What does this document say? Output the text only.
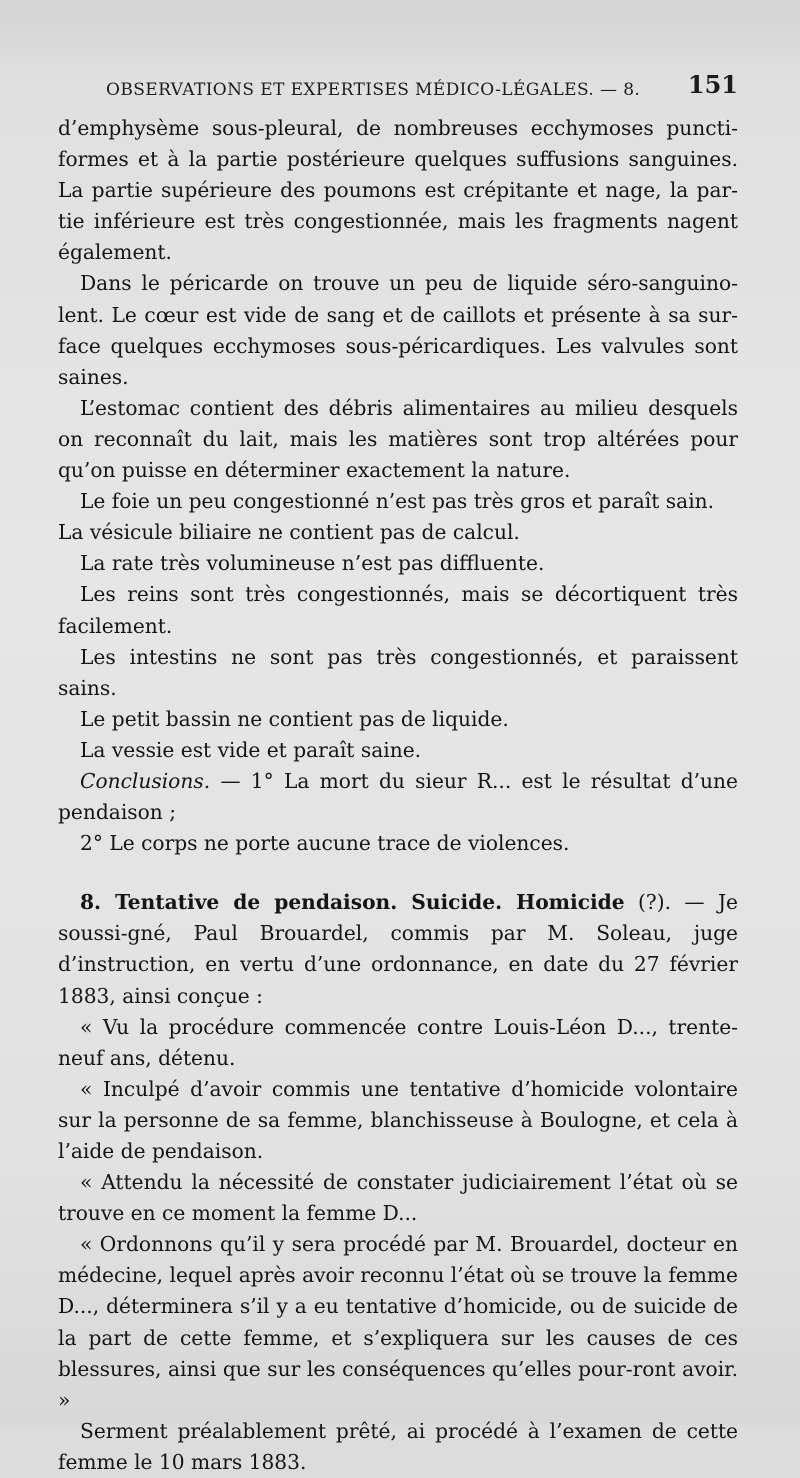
OBSERVATIONS ET EXPERTISES MÉDICO-LÉGALES. — 8. 151

d’emphysème sous-pleural, de nombreuses ecchymoses puncti-formes et à la partie postérieure quelques suffusions sanguines. La partie supérieure des poumons est crépitante et nage, la par-tie inférieure est très congestionnée, mais les fragments nagent également.

Dans le péricarde on trouve un peu de liquide séro-sanguino-lent. Le cœur est vide de sang et de caillots et présente à sa sur-face quelques ecchymoses sous-péricardiques. Les valvules sont saines.

L’estomac contient des débris alimentaires au milieu desquels on reconnaît du lait, mais les matières sont trop altérées pour qu’on puisse en déterminer exactement la nature.

Le foie un peu congestionné n’est pas très gros et paraît sain.

La vésicule biliaire ne contient pas de calcul.

La rate très volumineuse n’est pas diffluente.

Les reins sont très congestionnés, mais se décortiquent très facilement.

Les intestins ne sont pas très congestionnés, et paraissent sains.

Le petit bassin ne contient pas de liquide.

La vessie est vide et paraît saine.

Conclusions. — 1° La mort du sieur R... est le résultat d’une pendaison ;

2° Le corps ne porte aucune trace de violences.

8. Tentative de pendaison. Suicide. Homicide (?). — Je soussi-gné, Paul Brouardel, commis par M. Soleau, juge d’instruction, en vertu d’une ordonnance, en date du 27 février 1883, ainsi conçue :

« Vu la procédure commencée contre Louis-Léon D..., trente-neuf ans, détenu.

« Inculpé d’avoir commis une tentative d’homicide volontaire sur la personne de sa femme, blanchisseuse à Boulogne, et cela à l’aide de pendaison.

« Attendu la nécessité de constater judiciairement l’état où se trouve en ce moment la femme D...

« Ordonnons qu’il y sera procédé par M. Brouardel, docteur en médecine, lequel après avoir reconnu l’état où se trouve la femme D..., déterminera s’il y a eu tentative d’homicide, ou de suicide de la part de cette femme, et s’expliquera sur les causes de ces blessures, ainsi que sur les conséquences qu’elles pour-ront avoir. »

Serment préalablement prêté, ai procédé à l’examen de cette femme le 10 mars 1883.
